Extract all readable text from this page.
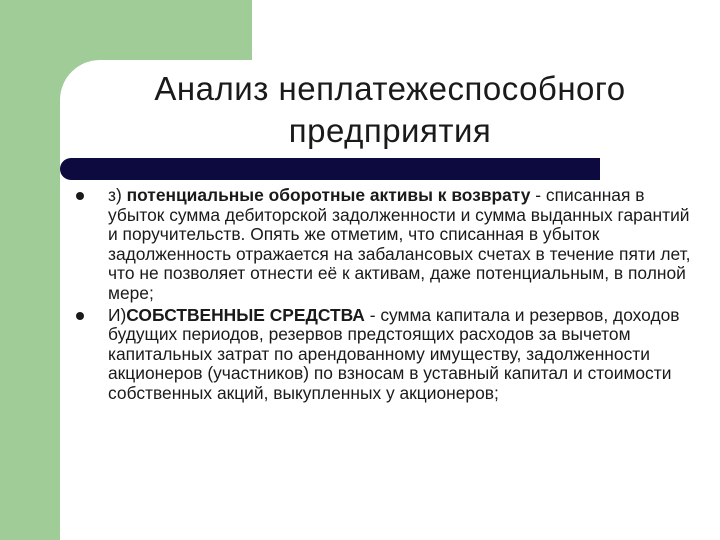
Анализ неплатежеспособного
предприятия
з) потенциальные оборотные активы к возврату - списанная в убыток сумма дебиторской задолженности и сумма выданных гарантий и поручительств. Опять же отметим, что списанная в убыток задолженность отражается на забалансовых счетах в течение пяти лет, что не позволяет отнести её к активам, даже потенциальным, в полной мере;
И)СОБСТВЕННЫЕ СРЕДСТВА - сумма капитала и резервов, доходов будущих периодов, резервов предстоящих расходов за вычетом капитальных затрат по арендованному имуществу, задолженности акционеров (участников) по взносам в уставный капитал и стоимости собственных акций, выкупленных у акционеров;
